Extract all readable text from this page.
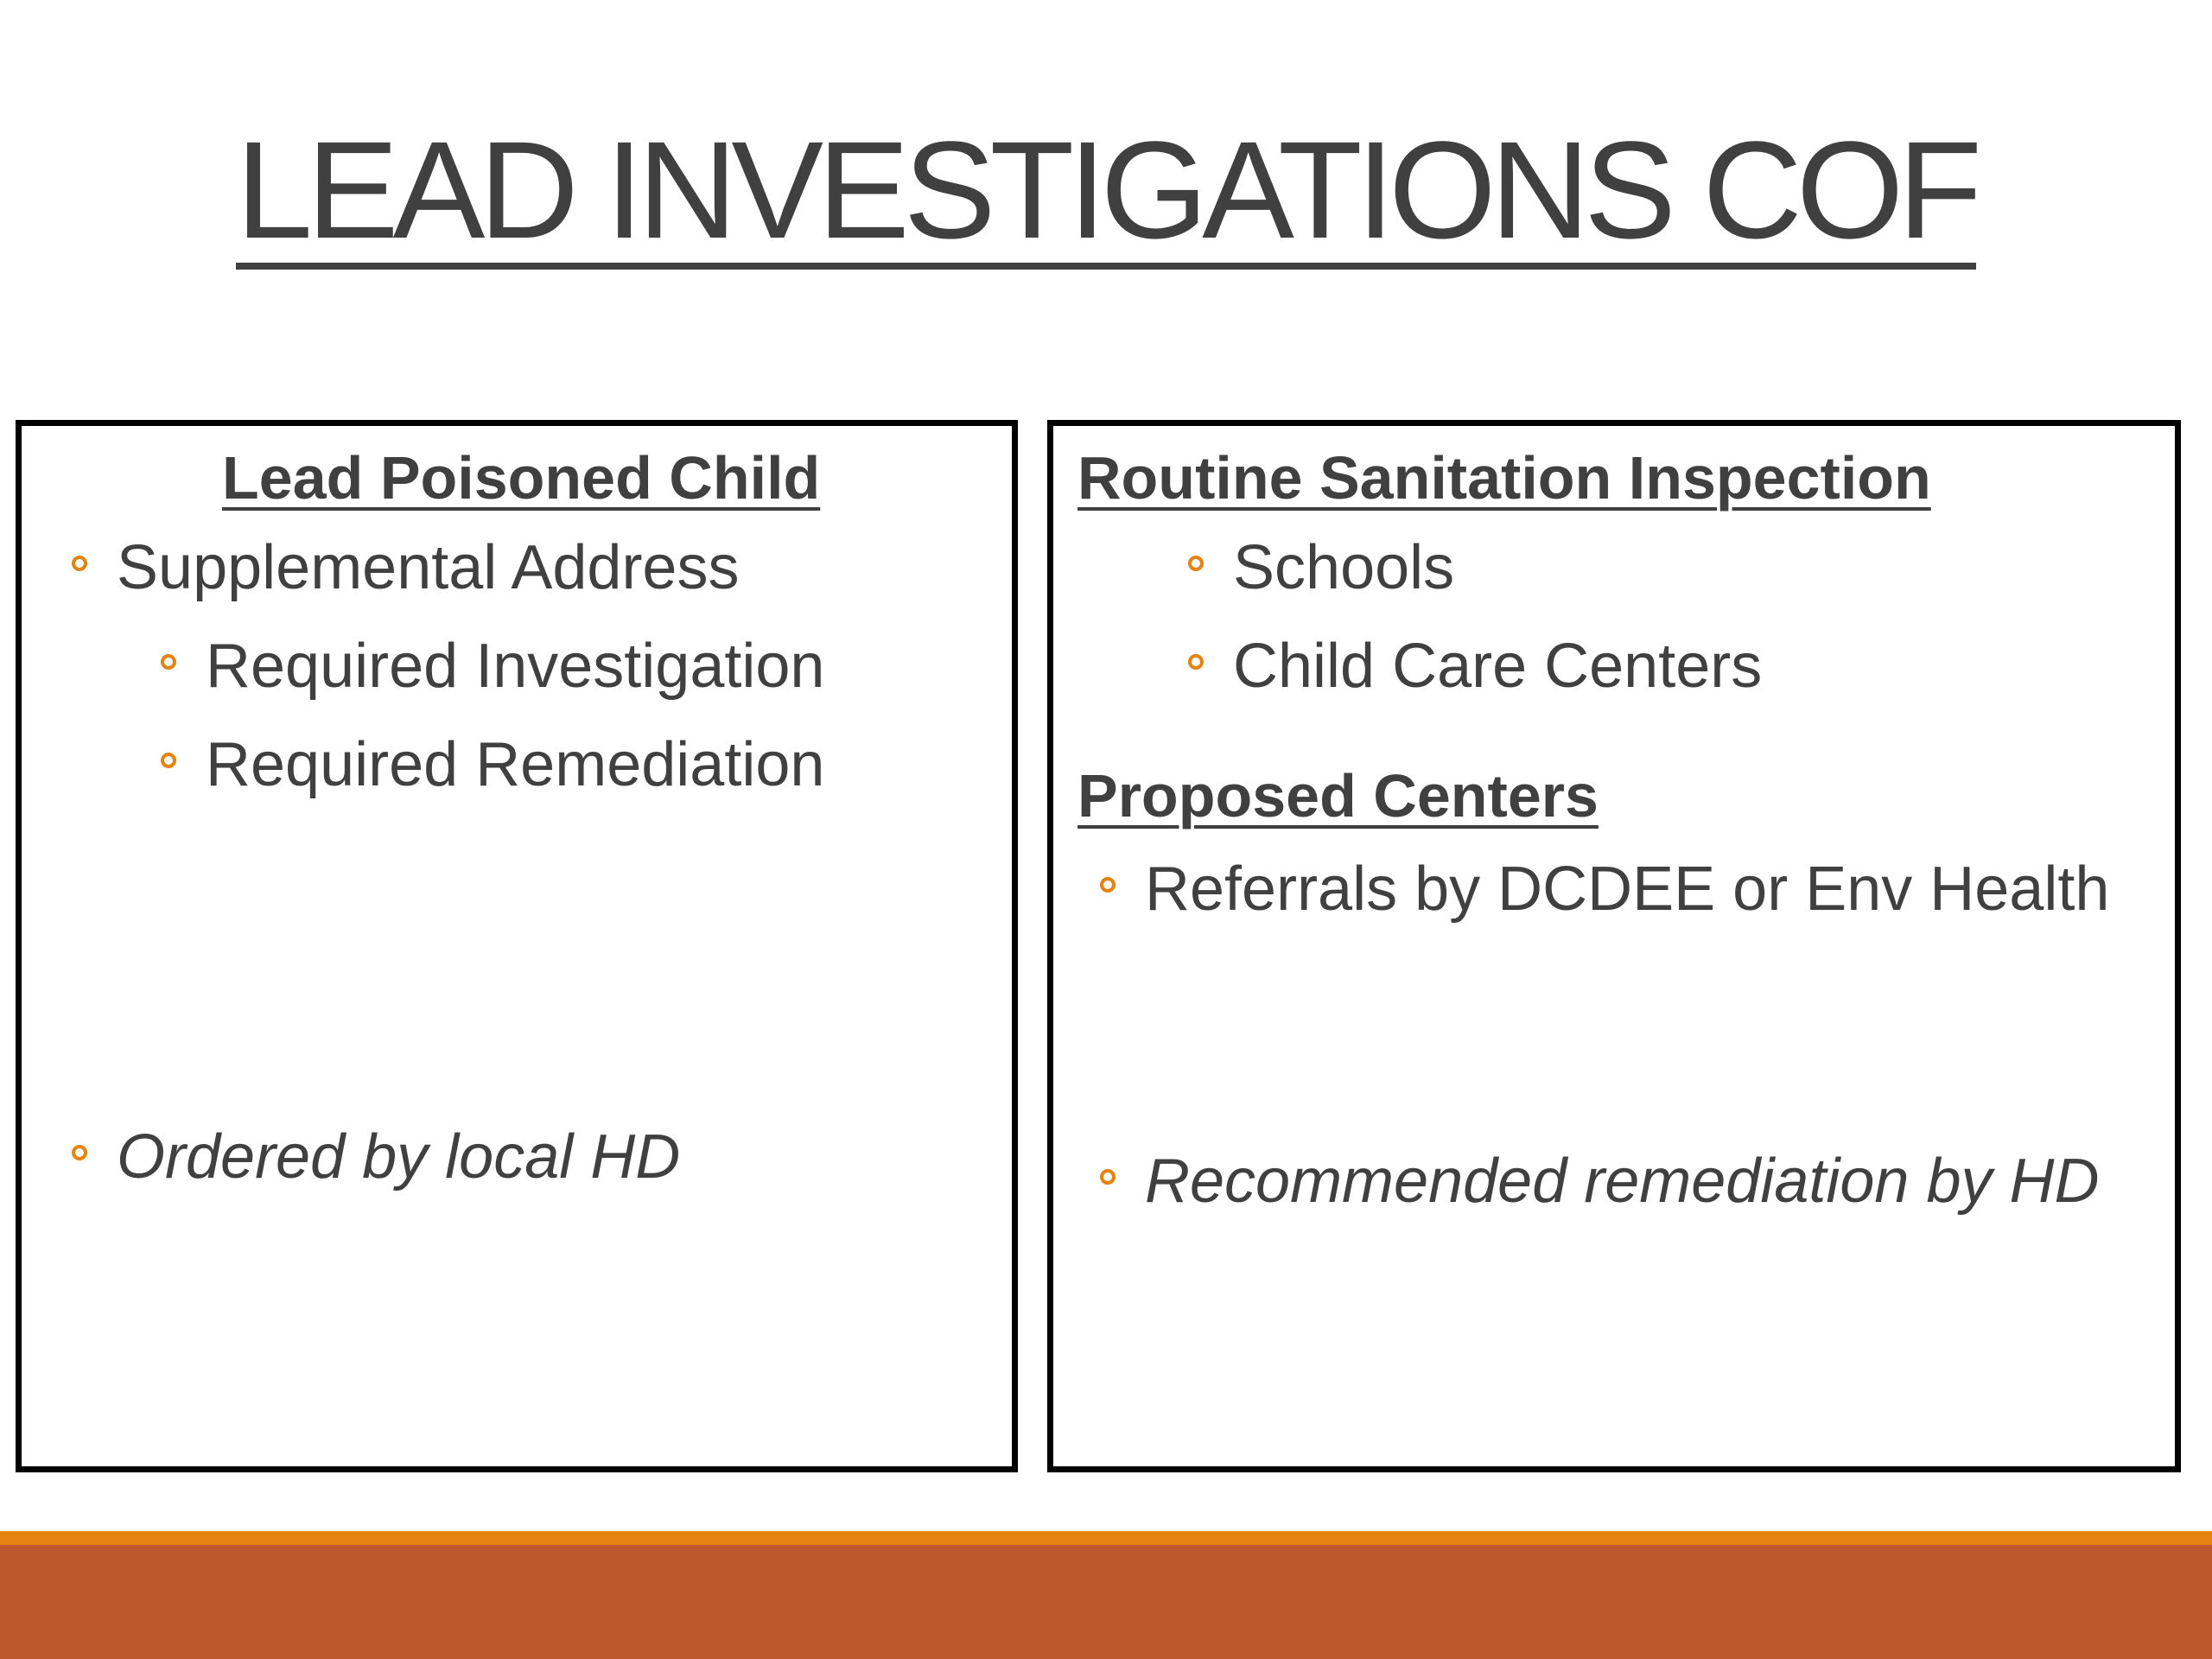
LEAD INVESTIGATIONS COF
Lead Poisoned Child
Supplemental Address
Required Investigation
Required Remediation
Ordered by local HD
Routine Sanitation Inspection
Schools
Child Care Centers
Proposed Centers
Referrals by DCDEE or Env Health
Recommended remediation by HD
